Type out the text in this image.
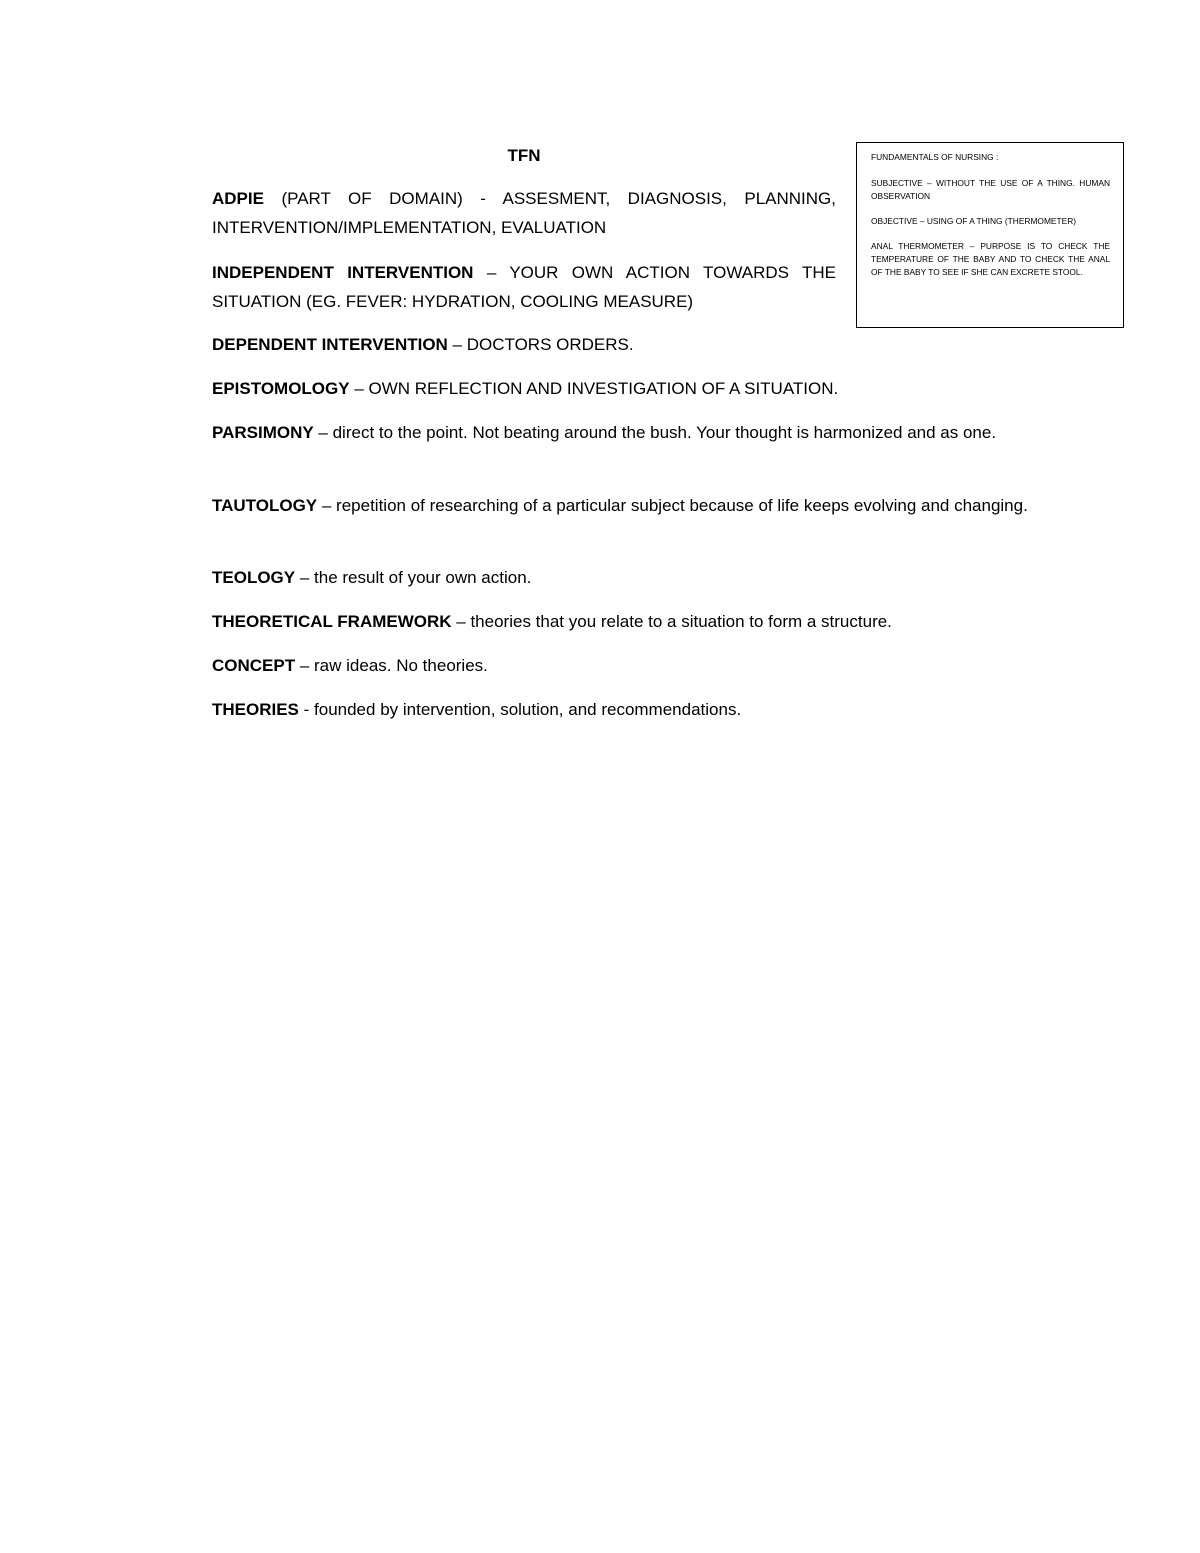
TFN

ADPIE (PART OF DOMAIN) - ASSESMENT, DIAGNOSIS, PLANNING, INTERVENTION/IMPLEMENTATION, EVALUATION

INDEPENDENT INTERVENTION – YOUR OWN ACTION TOWARDS THE SITUATION (EG. FEVER: HYDRATION, COOLING MEASURE)

DEPENDENT INTERVENTION – DOCTORS ORDERS.

EPISTOMOLOGY – OWN REFLECTION AND INVESTIGATION OF A SITUATION.

PARSIMONY – direct to the point. Not beating around the bush. Your thought is harmonized and as one.

TAUTOLOGY – repetition of researching of a particular subject because of life keeps evolving and changing.

TEOLOGY – the result of your own action.

THEORETICAL FRAMEWORK – theories that you relate to a situation to form a structure.

CONCEPT – raw ideas. No theories.

THEORIES - founded by intervention, solution, and recommendations.

FUNDAMENTALS OF NURSING :

SUBJECTIVE – WITHOUT THE USE OF A THING. HUMAN OBSERVATION

OBJECTIVE – USING OF A THING (THERMOMETER)

ANAL THERMOMETER – PURPOSE IS TO CHECK THE TEMPERATURE OF THE BABY AND TO CHECK THE ANAL OF THE BABY TO SEE IF SHE CAN EXCRETE STOOL.
